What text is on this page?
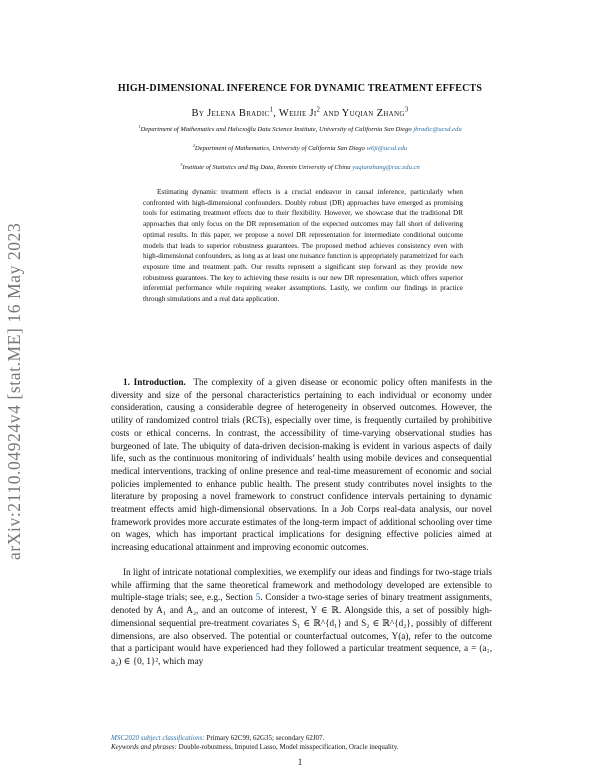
arXiv:2110.04924v4 [stat.ME] 16 May 2023
HIGH-DIMENSIONAL INFERENCE FOR DYNAMIC TREATMENT EFFECTS
By Jelena Bradic$^1$, Weijie Ji$^2$ and Yuqian Zhang$^3$
$^1$Department of Mathematics and Halıcıoğlu Data Science Institute, University of California San Diego jbradic@ucsd.edu
$^2$Department of Mathematics, University of California San Diego w6ji@ucsd.edu
$^3$Institute of Statistics and Big Data, Renmin University of China yuqianzhang@ruc.edu.cn
Estimating dynamic treatment effects is a crucial endeavor in causal inference, particularly when confronted with high-dimensional confounders. Doubly robust (DR) approaches have emerged as promising tools for estimating treatment effects due to their flexibility. However, we showcase that the traditional DR approaches that only focus on the DR representation of the expected outcomes may fall short of delivering optimal results. In this paper, we propose a novel DR representation for intermediate conditional outcome models that leads to superior robustness guarantees. The proposed method achieves consistency even with high-dimensional confounders, as long as at least one nuisance function is appropriately parametrized for each exposure time and treatment path. Our results represent a significant step forward as they provide new robustness guarantees. The key to achieving these results is our new DR representation, which offers superior inferential performance while requiring weaker assumptions. Lastly, we confirm our findings in practice through simulations and a real data application.
1. Introduction. The complexity of a given disease or economic policy often manifests in the diversity and size of the personal characteristics pertaining to each individual or economy under consideration, causing a considerable degree of heterogeneity in observed outcomes. However, the utility of randomized control trials (RCTs), especially over time, is frequently curtailed by prohibitive costs or ethical concerns. In contrast, the accessibility of time-varying observational studies has burgeoned of late. The ubiquity of data-driven decision-making is evident in various aspects of daily life, such as the continuous monitoring of individuals’ health using mobile devices and consequential medical interventions, tracking of online presence and real-time measurement of economic and social policies implemented to enhance public health. The present study contributes novel insights to the literature by proposing a novel framework to construct confidence intervals pertaining to dynamic treatment effects amid high-dimensional observations. In a Job Corps real-data analysis, our novel framework provides more accurate estimates of the long-term impact of additional schooling over time on wages, which has important practical implications for designing effective policies aimed at increasing educational attainment and improving economic outcomes.
In light of intricate notational complexities, we exemplify our ideas and findings for two-stage trials while affirming that the same theoretical framework and methodology developed are extensible to multiple-stage trials; see, e.g., Section 5. Consider a two-stage series of binary treatment assignments, denoted by A₁ and A₂, and an outcome of interest, Y ∈ ℝ. Alongside this, a set of possibly high-dimensional sequential pre-treatment covariates S₁ ∈ ℝ^{d₁} and S₂ ∈ ℝ^{d₂}, possibly of different dimensions, are also observed. The potential or counterfactual outcomes, Y(a), refer to the outcome that a participant would have experienced had they followed a particular treatment sequence, a = (a₁, a₂) ∈ {0, 1}², which may
MSC2020 subject classifications: Primary 62C99, 62G35; secondary 62J07.
Keywords and phrases: Double-robustness, Imputed Lasso, Model misspecification, Oracle inequality.
1
